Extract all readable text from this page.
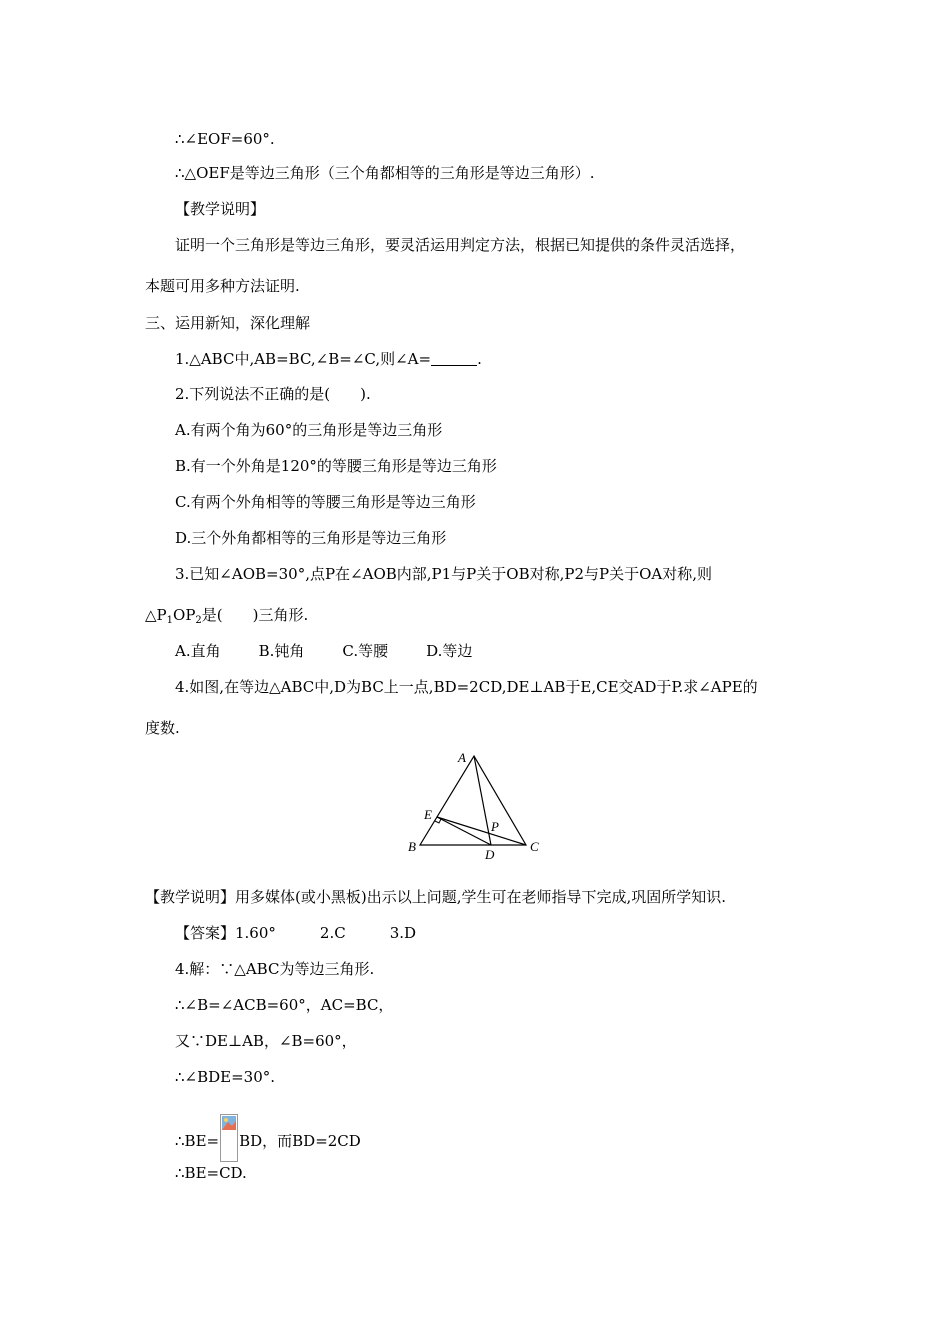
∴∠EOF=60°.
∴△OEF是等边三角形（三个角都相等的三角形是等边三角形）.
【教学说明】
证明一个三角形是等边三角形，要灵活运用判定方法，根据已知提供的条件灵活选择，
本题可用多种方法证明.
三、运用新知，深化理解
1.△ABC中,AB=BC,∠B=∠C,则∠A=	.
2.下列说法不正确的是(　　).
A.有两个角为60°的三角形是等边三角形
B.有一个外角是120°的等腰三角形是等边三角形
C.有两个外角相等的等腰三角形是等边三角形
D.三个外角都相等的三角形是等边三角形
3.已知∠AOB=30°,点P在∠AOB内部,P1与P关于OB对称,P2与P关于OA对称,则
$\triangle P_1OP_2$是(　　)三角形.
A.直角	B.钝角	C.等腰	D.等边
4.如图,在等边△ABC中,D为BC上一点,BD=2CD,DE⊥AB于E,CE交AD于P.求∠APE的
度数.
A
B	C
D
E
P
【教学说明】用多媒体(或小黑板)出示以上问题,学生可在老师指导下完成,巩固所学知识.
【答案】1.60°	2.C	3.D
4.解：∵△ABC为等边三角形.
∴∠B=∠ACB=60°，AC=BC，
又∵DE⊥AB，∠B=60°，
∴∠BDE=30°.
∴BE= BD，而BD=2CD
∴BE=CD.
